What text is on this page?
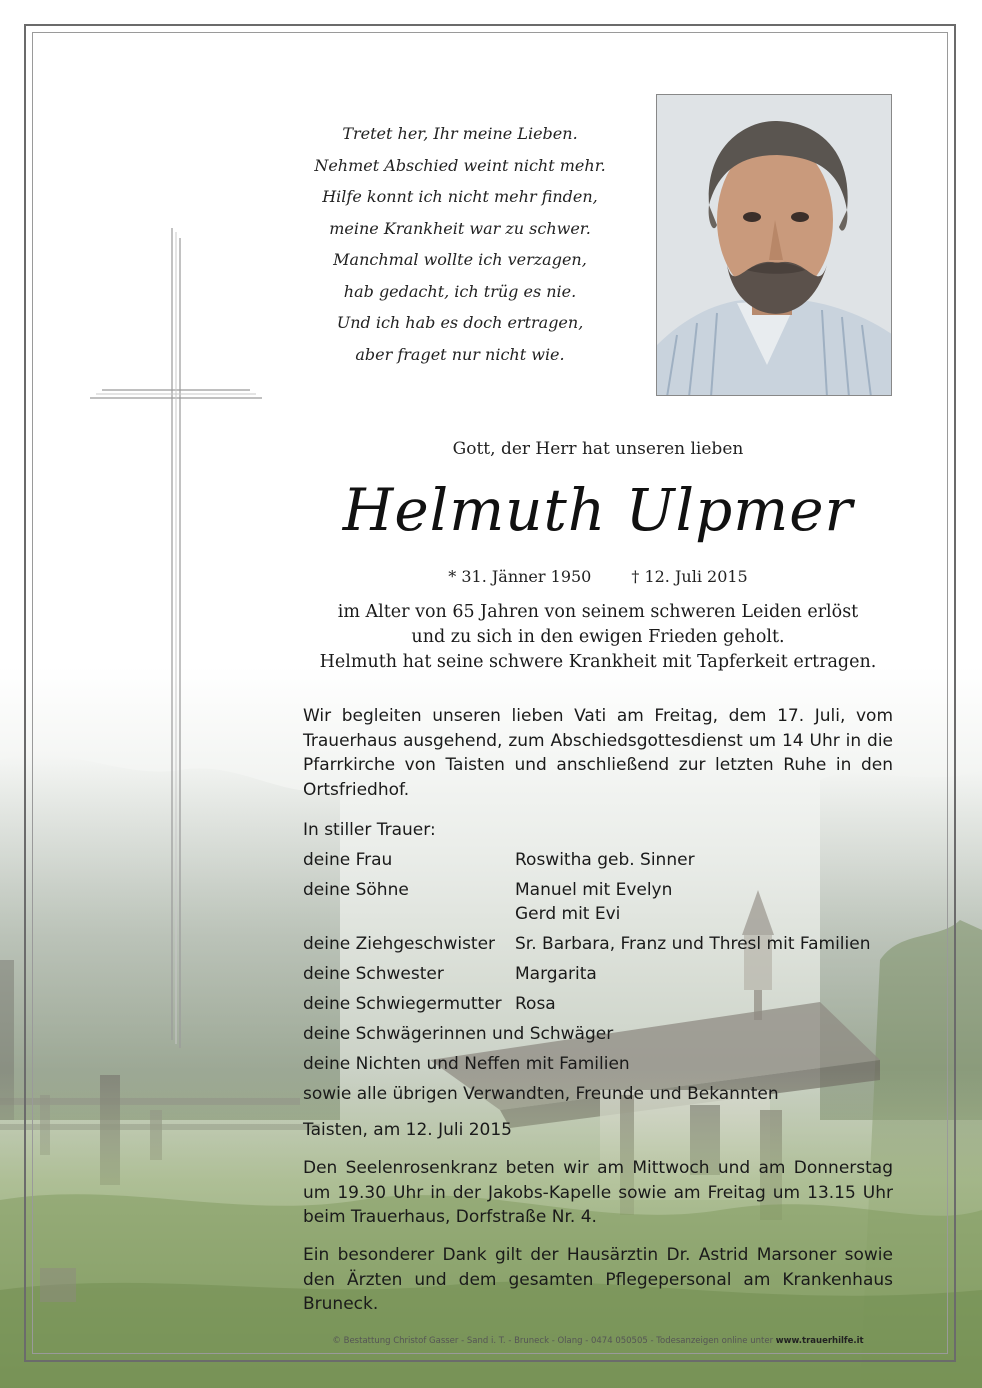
Tretet her, Ihr meine Lieben.
Nehmet Abschied weint nicht mehr.
Hilfe konnt ich nicht mehr finden,
meine Krankheit war zu schwer.
Manchmal wollte ich verzagen,
hab gedacht, ich trüg es nie.
Und ich hab es doch ertragen,
aber fraget nur nicht wie.
Gott, der Herr hat unseren lieben
Helmuth Ulpmer
* 31. Jänner 1950	† 12. Juli 2015
im Alter von 65 Jahren von seinem schweren Leiden erlöst
und zu sich in den ewigen Frieden geholt.
Helmuth hat seine schwere Krankheit mit Tapferkeit ertragen.
Wir begleiten unseren lieben Vati am Freitag, dem 17. Juli, vom Trauerhaus ausgehend, zum Abschiedsgottesdienst um 14 Uhr in die Pfarrkirche von Taisten und anschließend zur letzten Ruhe in den Ortsfriedhof.
In stiller Trauer:
deine Frau	Roswitha geb. Sinner
deine Söhne	Manuel mit Evelyn
Gerd mit Evi
deine Ziehgeschwister	Sr. Barbara, Franz und Thresl mit Familien
deine Schwester	Margarita
deine Schwiegermutter Rosa
deine Schwägerinnen und Schwäger
deine Nichten und Neffen mit Familien
sowie alle übrigen Verwandten, Freunde und Bekannten
Taisten, am 12. Juli 2015
Den Seelenrosenkranz beten wir am Mittwoch und am Donnerstag um 19.30 Uhr in der Jakobs-Kapelle sowie am Freitag um 13.15 Uhr beim Trauerhaus, Dorfstraße Nr. 4.
Ein besonderer Dank gilt der Hausärztin Dr. Astrid Marsoner sowie den Ärzten und dem gesamten Pflegepersonal am Krankenhaus Bruneck.
© Bestattung Christof Gasser - Sand i. T. - Bruneck - Olang - 0474 050505 - Todesanzeigen online unter www.trauerhilfe.it
